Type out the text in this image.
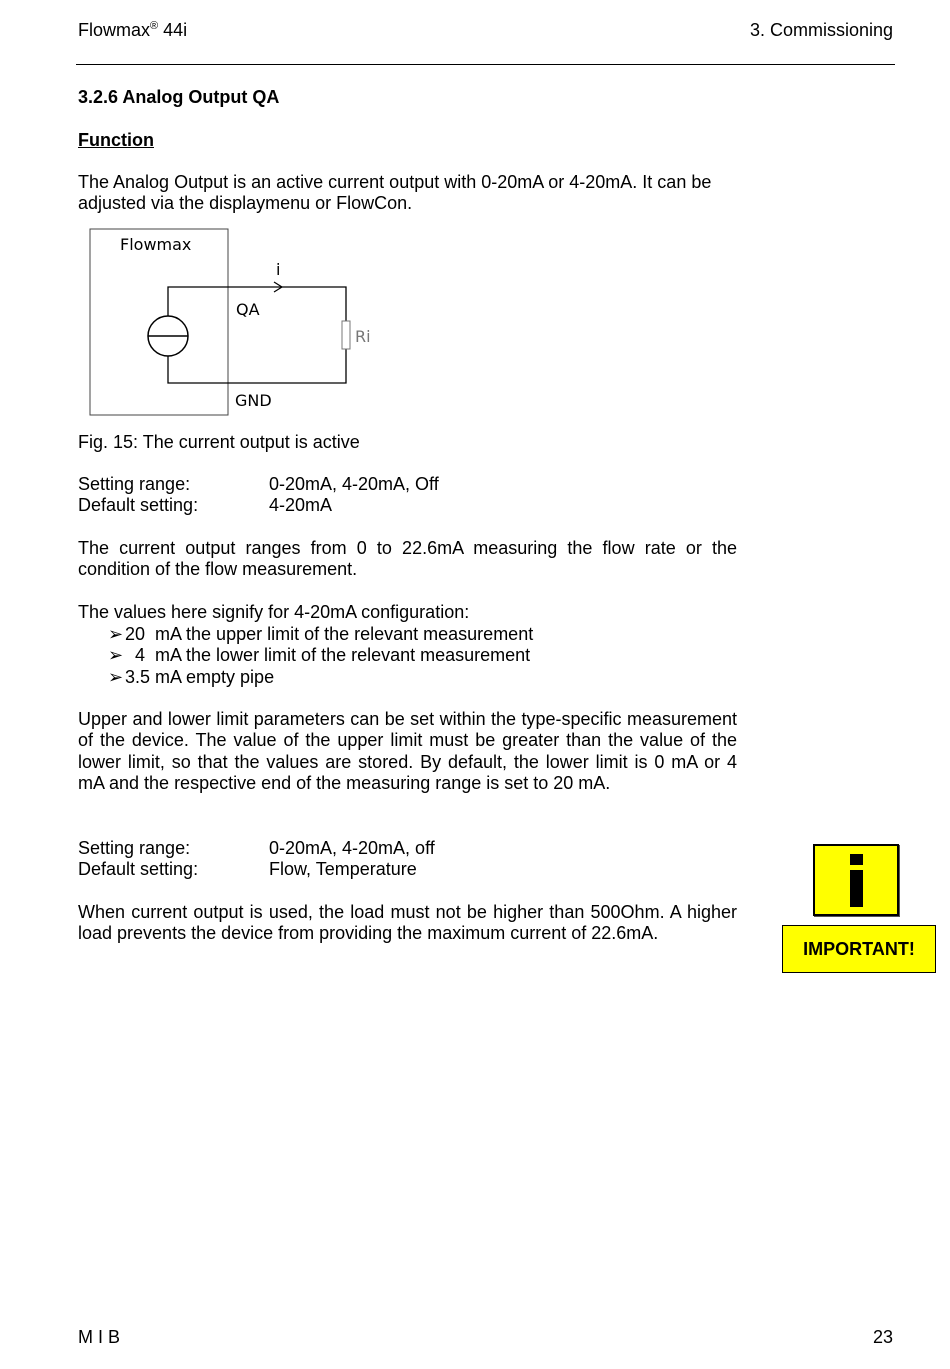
Flowmax® 44i	3. Commissioning
3.2.6 Analog Output QA
Function
The Analog Output is an active current output with 0-20mA or 4-20mA. It can be adjusted via the displaymenu or FlowCon.
Flowmax
i
QA
Ri
GND
Fig. 15: The current output is active
Setting range:	0-20mA, 4-20mA, Off
Default setting:	4-20mA
The current output ranges from 0 to 22.6mA measuring the flow rate or the condition of the flow measurement.
The values here signify for 4-20mA configuration:
➢ 20  mA the upper limit of the relevant measurement
➢  4  mA the lower limit of the relevant measurement
➢ 3.5 mA empty pipe
Upper and lower limit parameters can be set within the type-specific measurement of the device. The value of the upper limit must be greater than the value of the lower limit, so that the values are stored. By default, the lower limit is 0 mA or 4 mA and the respective end of the measuring range is set to 20 mA.
Setting range:	0-20mA, 4-20mA, off
Default setting:	Flow, Temperature
When current output is used, the load must not be higher than 500Ohm. A higher load prevents the device from providing the maximum current of 22.6mA.
IMPORTANT!
M I B	23
